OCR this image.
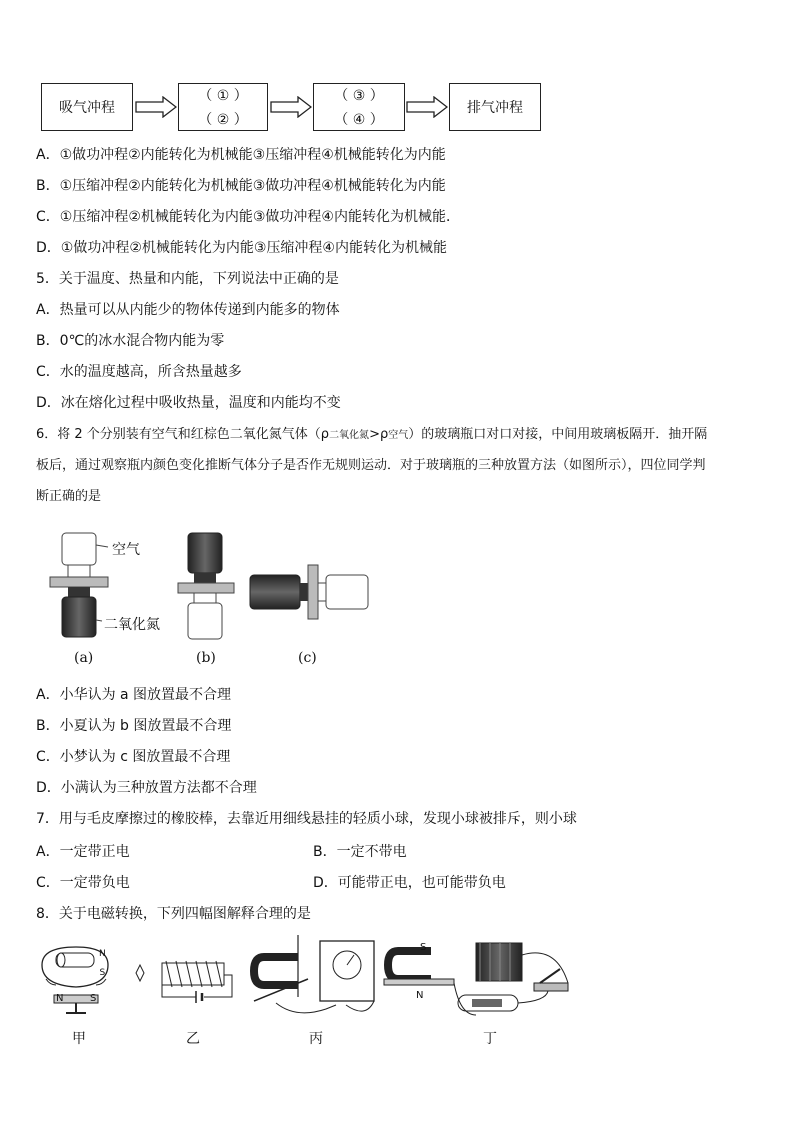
吸气冲程
（ ① ）
（ ② ）
（ ③ ）
（ ④ ）
排气冲程
A．①做功冲程②内能转化为机械能③压缩冲程④机械能转化为内能
B．①压缩冲程②内能转化为机械能③做功冲程④机械能转化为内能
C．①压缩冲程②机械能转化为内能③做功冲程④内能转化为机械能．
D．①做功冲程②机械能转化为内能③压缩冲程④内能转化为机械能
5．关于温度、热量和内能，下列说法中正确的是
A．热量可以从内能少的物体传递到内能多的物体
B．0℃的冰水混合物内能为零
C．水的温度越高，所含热量越多
D．冰在熔化过程中吸收热量，温度和内能均不变
6．将 2 个分别装有空气和红棕色二氧化氮气体（ρ二氧化氮>ρ空气）的玻璃瓶口对口对接，中间用玻璃板隔开．抽开隔
板后，通过观察瓶内颜色变化推断气体分子是否作无规则运动．对于玻璃瓶的三种放置方法（如图所示），四位同学判
断正确的是
空气
二氧化氮
(a)	(b)	(c)
A．小华认为 a 图放置最不合理
B．小夏认为 b 图放置最不合理
C．小梦认为 c 图放置最不合理
D．小满认为三种放置方法都不合理
7．用与毛皮摩擦过的橡胶棒，去靠近用细线悬挂的轻质小球，发现小球被排斥，则小球
A．一定带正电	B．一定不带电
C．一定带负电	D．可能带正电，也可能带负电
8．关于电磁转换，下列四幅图解释合理的是
N
S
N	S
S
N
甲	乙	丙	丁
